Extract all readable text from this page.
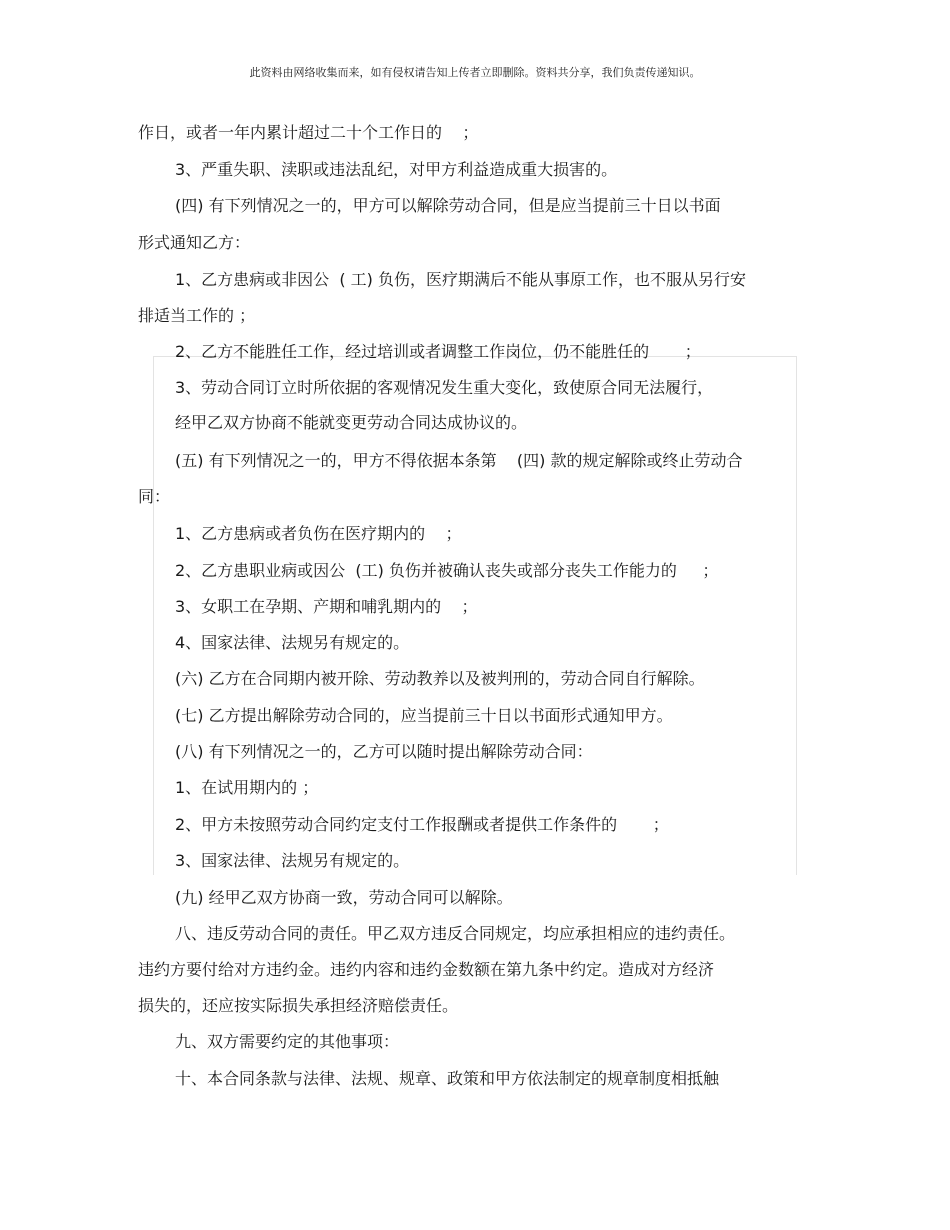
此资料由网络收集而来，如有侵权请告知上传者立即删除。资料共分享，我们负责传递知识。
作日，或者一年内累计超过二十个工作日的    ；
3、严重失职、渎职或违法乱纪，对甲方利益造成重大损害的。
(四) 有下列情况之一的，甲方可以解除劳动合同，但是应当提前三十日以书面
形式通知乙方：
1、乙方患病或非因公  ( 工) 负伤，医疗期满后不能从事原工作，也不服从另行安
排适当工作的 ；
2、乙方不能胜任工作，经过培训或者调整工作岗位，仍不能胜任的       ；
3、劳动合同订立时所依据的客观情况发生重大变化，致使原合同无法履行，
经甲乙双方协商不能就变更劳动合同达成协议的。
(五) 有下列情况之一的，甲方不得依据本条第    (四) 款的规定解除或终止劳动合
同：
1、乙方患病或者负伤在医疗期内的    ；
2、乙方患职业病或因公  (工) 负伤并被确认丧失或部分丧失工作能力的     ；
3、女职工在孕期、产期和哺乳期内的    ；
4、国家法律、法规另有规定的。
(六) 乙方在合同期内被开除、劳动教养以及被判刑的，劳动合同自行解除。
(七) 乙方提出解除劳动合同的，应当提前三十日以书面形式通知甲方。
(八) 有下列情况之一的，乙方可以随时提出解除劳动合同：
1、在试用期内的 ；
2、甲方未按照劳动合同约定支付工作报酬或者提供工作条件的       ；
3、国家法律、法规另有规定的。
(九) 经甲乙双方协商一致，劳动合同可以解除。
八、违反劳动合同的责任。甲乙双方违反合同规定，均应承担相应的违约责任。
违约方要付给对方违约金。违约内容和违约金数额在第九条中约定。造成对方经济
损失的，还应按实际损失承担经济赔偿责任。
九、双方需要约定的其他事项：
十、本合同条款与法律、法规、规章、政策和甲方依法制定的规章制度相抵触
